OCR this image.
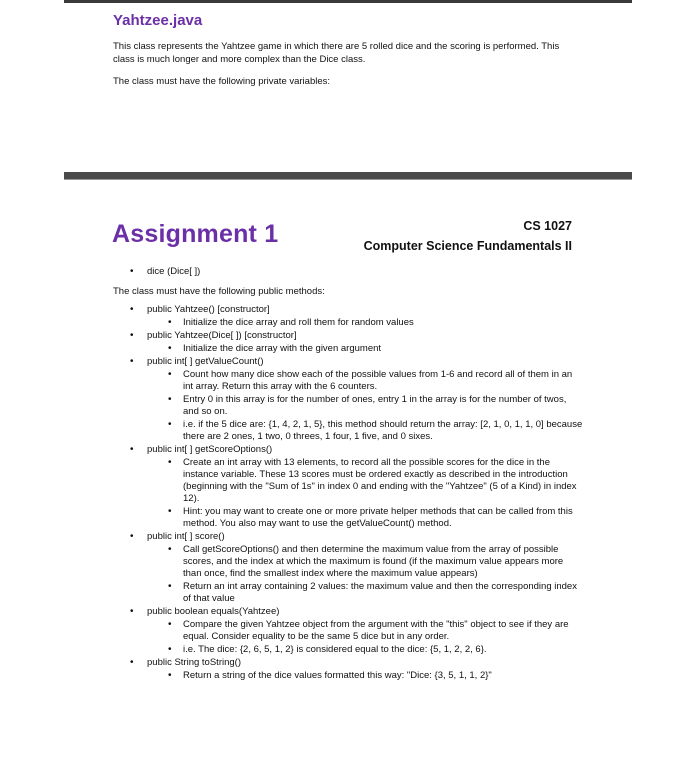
Yahtzee.java
This class represents the Yahtzee game in which there are 5 rolled dice and the scoring is performed. This class is much longer and more complex than the Dice class.
The class must have the following private variables:
Assignment 1	CS 1027
Computer Science Fundamentals II
• dice (Dice[ ])
The class must have the following public methods:
• public Yahtzee() [constructor]
• Initialize the dice array and roll them for random values
• public Yahtzee(Dice[ ]) [constructor]
• Initialize the dice array with the given argument
• public int[ ] getValueCount()
• Count how many dice show each of the possible values from 1-6 and record all of them in an int array. Return this array with the 6 counters.
• Entry 0 in this array is for the number of ones, entry 1 in the array is for the number of twos, and so on.
• i.e. if the 5 dice are: {1, 4, 2, 1, 5}, this method should return the array: [2, 1, 0, 1, 1, 0] because there are 2 ones, 1 two, 0 threes, 1 four, 1 five, and 0 sixes.
• public int[ ] getScoreOptions()
• Create an int array with 13 elements, to record all the possible scores for the dice in the instance variable. These 13 scores must be ordered exactly as described in the introduction (beginning with the "Sum of 1s" in index 0 and ending with the "Yahtzee" (5 of a Kind) in index 12).
• Hint: you may want to create one or more private helper methods that can be called from this method. You also may want to use the getValueCount() method.
• public int[ ] score()
• Call getScoreOptions() and then determine the maximum value from the array of possible scores, and the index at which the maximum is found (if the maximum value appears more than once, find the smallest index where the maximum value appears)
• Return an int array containing 2 values: the maximum value and then the corresponding index of that value
• public boolean equals(Yahtzee)
• Compare the given Yahtzee object from the argument with the "this" object to see if they are equal. Consider equality to be the same 5 dice but in any order.
• i.e. The dice: {2, 6, 5, 1, 2} is considered equal to the dice: {5, 1, 2, 2, 6}.
• public String toString()
• Return a string of the dice values formatted this way: "Dice: {3, 5, 1, 1, 2}"
